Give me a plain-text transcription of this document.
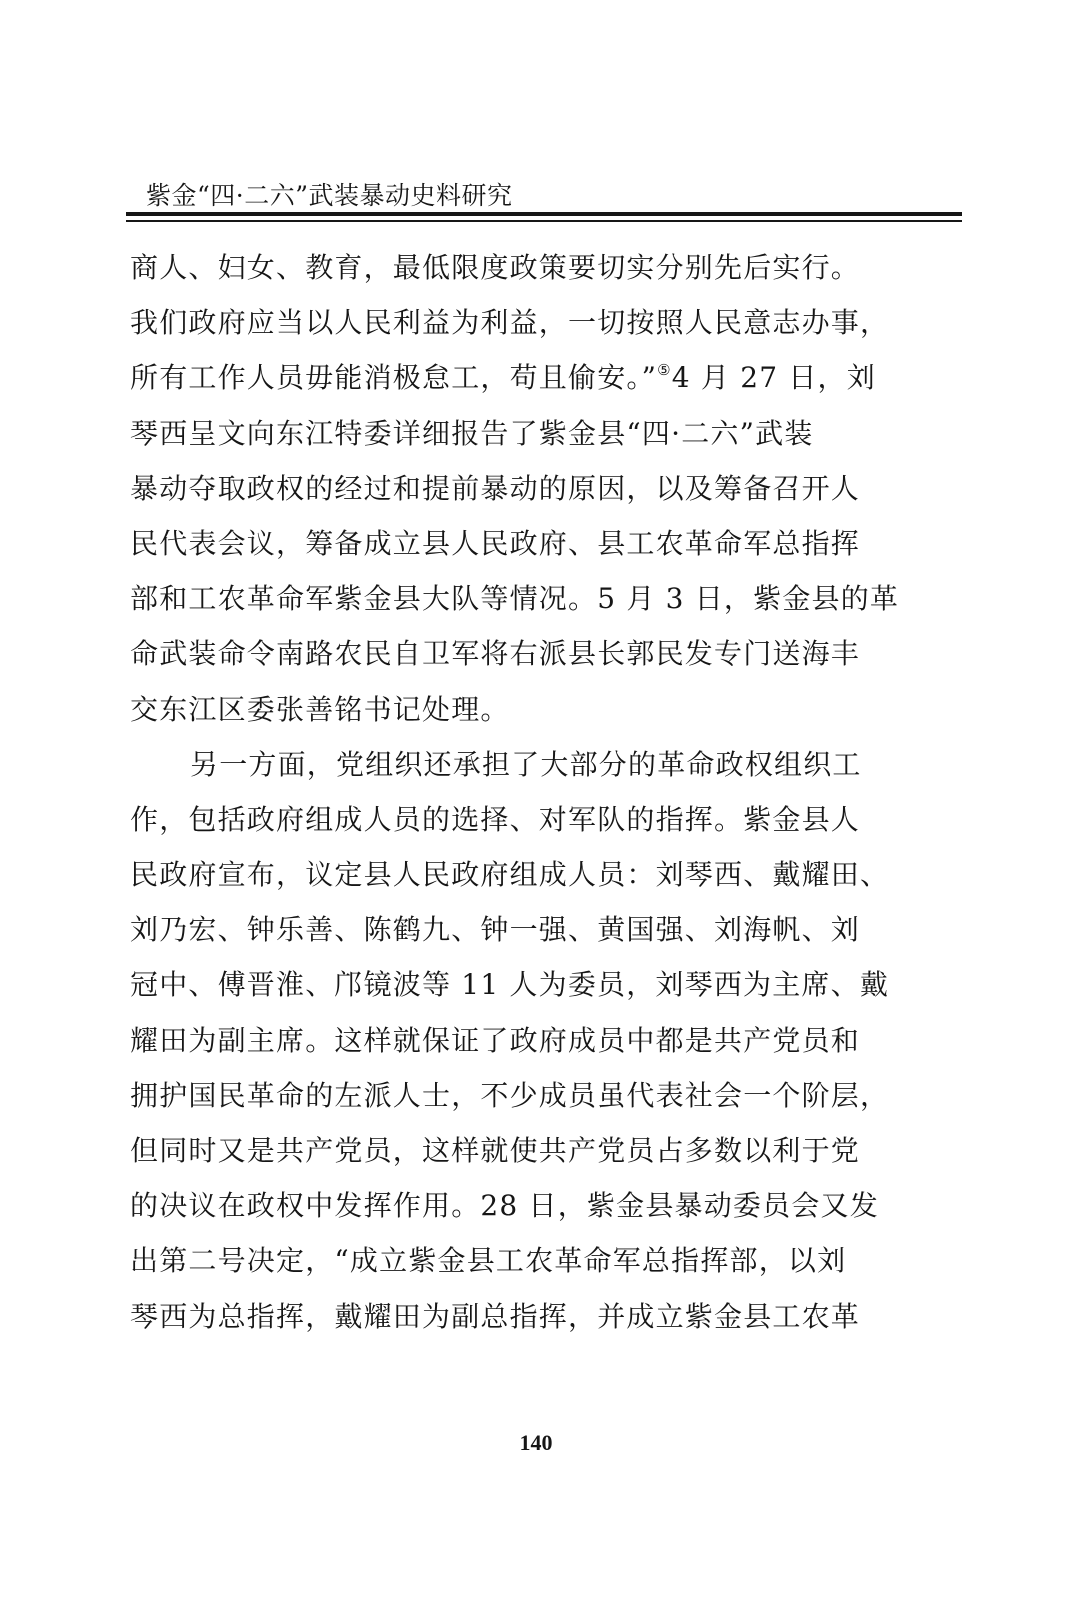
紫金“四·二六”武装暴动史料研究
商人、妇女、教育，最低限度政策要切实分别先后实行。
我们政府应当以人民利益为利益，一切按照人民意志办事，
所有工作人员毋能消极怠工，苟且偷安。”⑤4 月 27 日，刘
琴西呈文向东江特委详细报告了紫金县“四·二六”武装
暴动夺取政权的经过和提前暴动的原因，以及筹备召开人
民代表会议，筹备成立县人民政府、县工农革命军总指挥
部和工农革命军紫金县大队等情况。5 月 3 日，紫金县的革
命武装命令南路农民自卫军将右派县长郭民发专门送海丰
交东江区委张善铭书记处理。
另一方面，党组织还承担了大部分的革命政权组织工
作，包括政府组成人员的选择、对军队的指挥。紫金县人
民政府宣布，议定县人民政府组成人员：刘琴西、戴耀田、
刘乃宏、钟乐善、陈鹤九、钟一强、黄国强、刘海帆、刘
冠中、傅晋淮、邝镜波等 11 人为委员，刘琴西为主席、戴
耀田为副主席。这样就保证了政府成员中都是共产党员和
拥护国民革命的左派人士，不少成员虽代表社会一个阶层，
但同时又是共产党员，这样就使共产党员占多数以利于党
的决议在政权中发挥作用。28 日，紫金县暴动委员会又发
出第二号决定，“成立紫金县工农革命军总指挥部，以刘
琴西为总指挥，戴耀田为副总指挥，并成立紫金县工农革
140
